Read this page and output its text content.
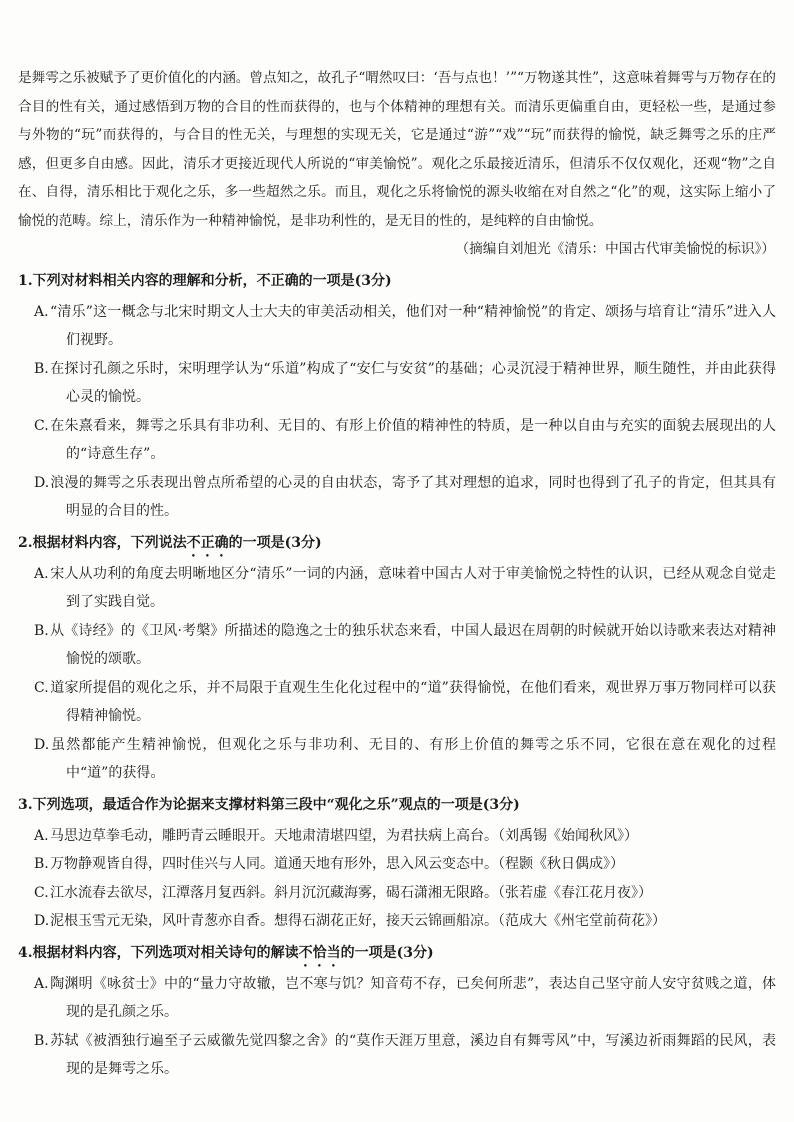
是舞雩之乐被赋予了更价值化的内涵。曾点知之，故孔子“喟然叹曰：‘吾与点也！’”“万物遂其性”，这意味着舞雩与万物存在的合目的性有关，通过感悟到万物的合目的性而获得的，也与个体精神的理想有关。而清乐更偏重自由，更轻松一些，是通过参与外物的“玩”而获得的，与合目的性无关，与理想的实现无关，它是通过“游”“戏”“玩”而获得的愉悦，缺乏舞雩之乐的庄严感，但更多自由感。因此，清乐才更接近现代人所说的“审美愉悦”。观化之乐最接近清乐，但清乐不仅仅观化，还观“物”之自在、自得，清乐相比于观化之乐，多一些超然之乐。而且，观化之乐将愉悦的源头收缩在对自然之“化”的观，这实际上缩小了愉悦的范畴。综上，清乐作为一种精神愉悦，是非功利性的，是无目的性的，是纯粹的自由愉悦。

（摘编自刘旭光《清乐：中国古代审美愉悦的标识》）

1.下列对材料相关内容的理解和分析，不正确的一项是(3分)

A.“清乐”这一概念与北宋时期文人士大夫的审美活动相关，他们对一种“精神愉悦”的肯定、颂扬与培育让“清乐”进入人们视野。

B.在探讨孔颜之乐时，宋明理学认为“乐道”构成了“安仁与安贫”的基础；心灵沉浸于精神世界，顺生随性，并由此获得心灵的愉悦。

C.在朱熹看来，舞雩之乐具有非功利、无目的、有形上价值的精神性的特质，是一种以自由与充实的面貌去展现出的人的“诗意生存”。

D.浪漫的舞雩之乐表现出曾点所希望的心灵的自由状态，寄予了其对理想的追求，同时也得到了孔子的肯定，但其具有明显的合目的性。

2.根据材料内容，下列说法不正确的一项是(3分)

A.宋人从功利的角度去明晰地区分“清乐”一词的内涵，意味着中国古人对于审美愉悦之特性的认识，已经从观念自觉走到了实践自觉。

B.从《诗经》的《卫风·考槃》所描述的隐逸之士的独乐状态来看，中国人最迟在周朝的时候就开始以诗歌来表达对精神愉悦的颂歌。

C.道家所提倡的观化之乐，并不局限于直观生生化化过程中的“道”获得愉悦，在他们看来，观世界万事万物同样可以获得精神愉悦。

D.虽然都能产生精神愉悦，但观化之乐与非功利、无目的、有形上价值的舞雩之乐不同，它很在意在观化的过程中“道”的获得。

3.下列选项，最适合作为论据来支撑材料第三段中“观化之乐”观点的一项是(3分)

A.马思边草拳毛动，雕眄青云睡眼开。天地肃清堪四望，为君扶病上高台。（刘禹锡《始闻秋风》）

B.万物静观皆自得，四时佳兴与人同。道通天地有形外，思入风云变态中。（程颢《秋日偶成》）

C.江水流春去欲尽，江潭落月复西斜。斜月沉沉藏海雾，碣石潇湘无限路。（张若虚《春江花月夜》）

D.泥根玉雪元无染，风叶青葱亦自香。想得石湖花正好，接天云锦画船凉。（范成大《州宅堂前荷花》）

4.根据材料内容，下列选项对相关诗句的解读不恰当的一项是(3分)

A.陶渊明《咏贫士》中的“量力守故辙，岂不寒与饥？知音苟不存，已矣何所悲”，表达自己坚守前人安守贫贱之道，体现的是孔颜之乐。

B.苏轼《被酒独行遍至子云威徽先觉四黎之舍》的“莫作天涯万里意，溪边自有舞雩风”中，写溪边祈雨舞蹈的民风，表现的是舞雩之乐。
